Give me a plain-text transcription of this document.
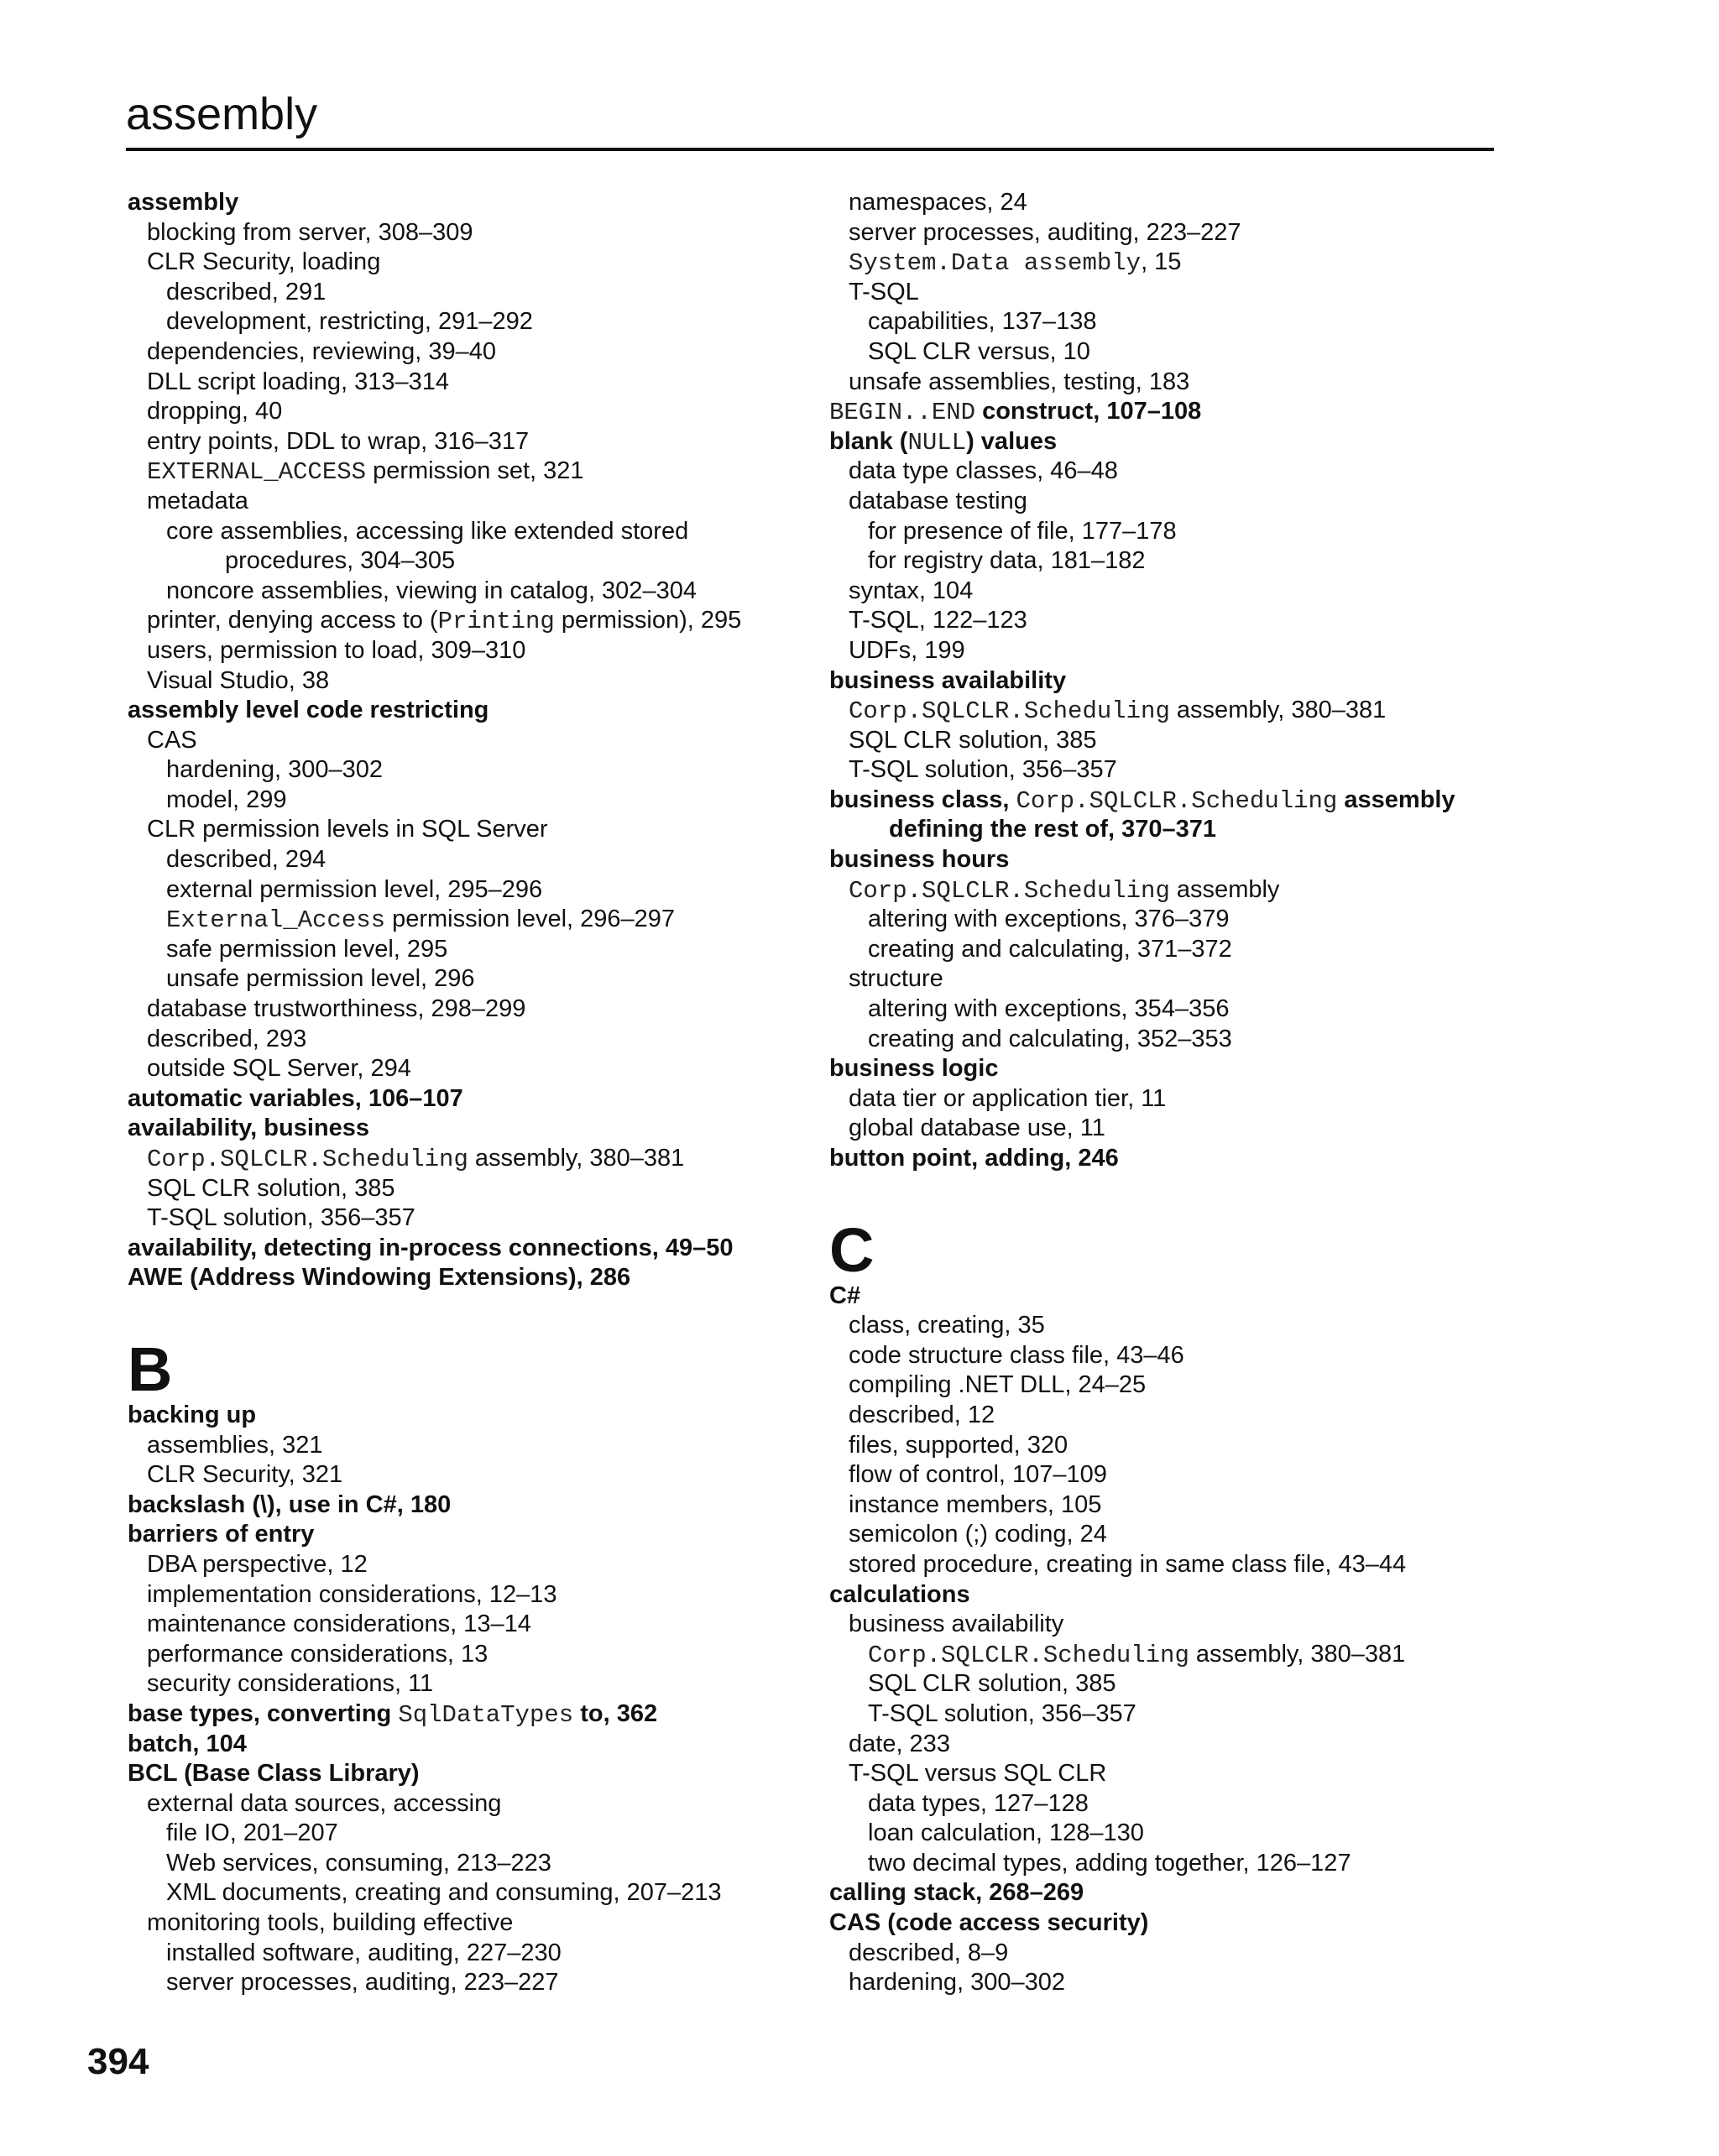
assembly
assembly
blocking from server, 308–309
CLR Security, loading
described, 291
development, restricting, 291–292
dependencies, reviewing, 39–40
DLL script loading, 313–314
dropping, 40
entry points, DDL to wrap, 316–317
EXTERNAL_ACCESS permission set, 321
metadata
core assemblies, accessing like extended stored
procedures, 304–305
noncore assemblies, viewing in catalog, 302–304
printer, denying access to (Printing permission), 295
users, permission to load, 309–310
Visual Studio, 38
assembly level code restricting
CAS
hardening, 300–302
model, 299
CLR permission levels in SQL Server
described, 294
external permission level, 295–296
External_Access permission level, 296–297
safe permission level, 295
unsafe permission level, 296
database trustworthiness, 298–299
described, 293
outside SQL Server, 294
automatic variables, 106–107
availability, business
Corp.SQLCLR.Scheduling assembly, 380–381
SQL CLR solution, 385
T-SQL solution, 356–357
availability, detecting in-process connections, 49–50
AWE (Address Windowing Extensions), 286
B
backing up
assemblies, 321
CLR Security, 321
backslash (\), use in C#, 180
barriers of entry
DBA perspective, 12
implementation considerations, 12–13
maintenance considerations, 13–14
performance considerations, 13
security considerations, 11
base types, converting SqlDataTypes to, 362
batch, 104
BCL (Base Class Library)
external data sources, accessing
file IO, 201–207
Web services, consuming, 213–223
XML documents, creating and consuming, 207–213
monitoring tools, building effective
installed software, auditing, 227–230
server processes, auditing, 223–227
namespaces, 24
server processes, auditing, 223–227
System.Data assembly, 15
T-SQL
capabilities, 137–138
SQL CLR versus, 10
unsafe assemblies, testing, 183
BEGIN..END construct, 107–108
blank (NULL) values
data type classes, 46–48
database testing
for presence of file, 177–178
for registry data, 181–182
syntax, 104
T-SQL, 122–123
UDFs, 199
business availability
Corp.SQLCLR.Scheduling assembly, 380–381
SQL CLR solution, 385
T-SQL solution, 356–357
business class, Corp.SQLCLR.Scheduling assembly
defining the rest of, 370–371
business hours
Corp.SQLCLR.Scheduling assembly
altering with exceptions, 376–379
creating and calculating, 371–372
structure
altering with exceptions, 354–356
creating and calculating, 352–353
business logic
data tier or application tier, 11
global database use, 11
button point, adding, 246
C
C#
class, creating, 35
code structure class file, 43–46
compiling .NET DLL, 24–25
described, 12
files, supported, 320
flow of control, 107–109
instance members, 105
semicolon (;) coding, 24
stored procedure, creating in same class file, 43–44
calculations
business availability
Corp.SQLCLR.Scheduling assembly, 380–381
SQL CLR solution, 385
T-SQL solution, 356–357
date, 233
T-SQL versus SQL CLR
data types, 127–128
loan calculation, 128–130
two decimal types, adding together, 126–127
calling stack, 268–269
CAS (code access security)
described, 8–9
hardening, 300–302
394
